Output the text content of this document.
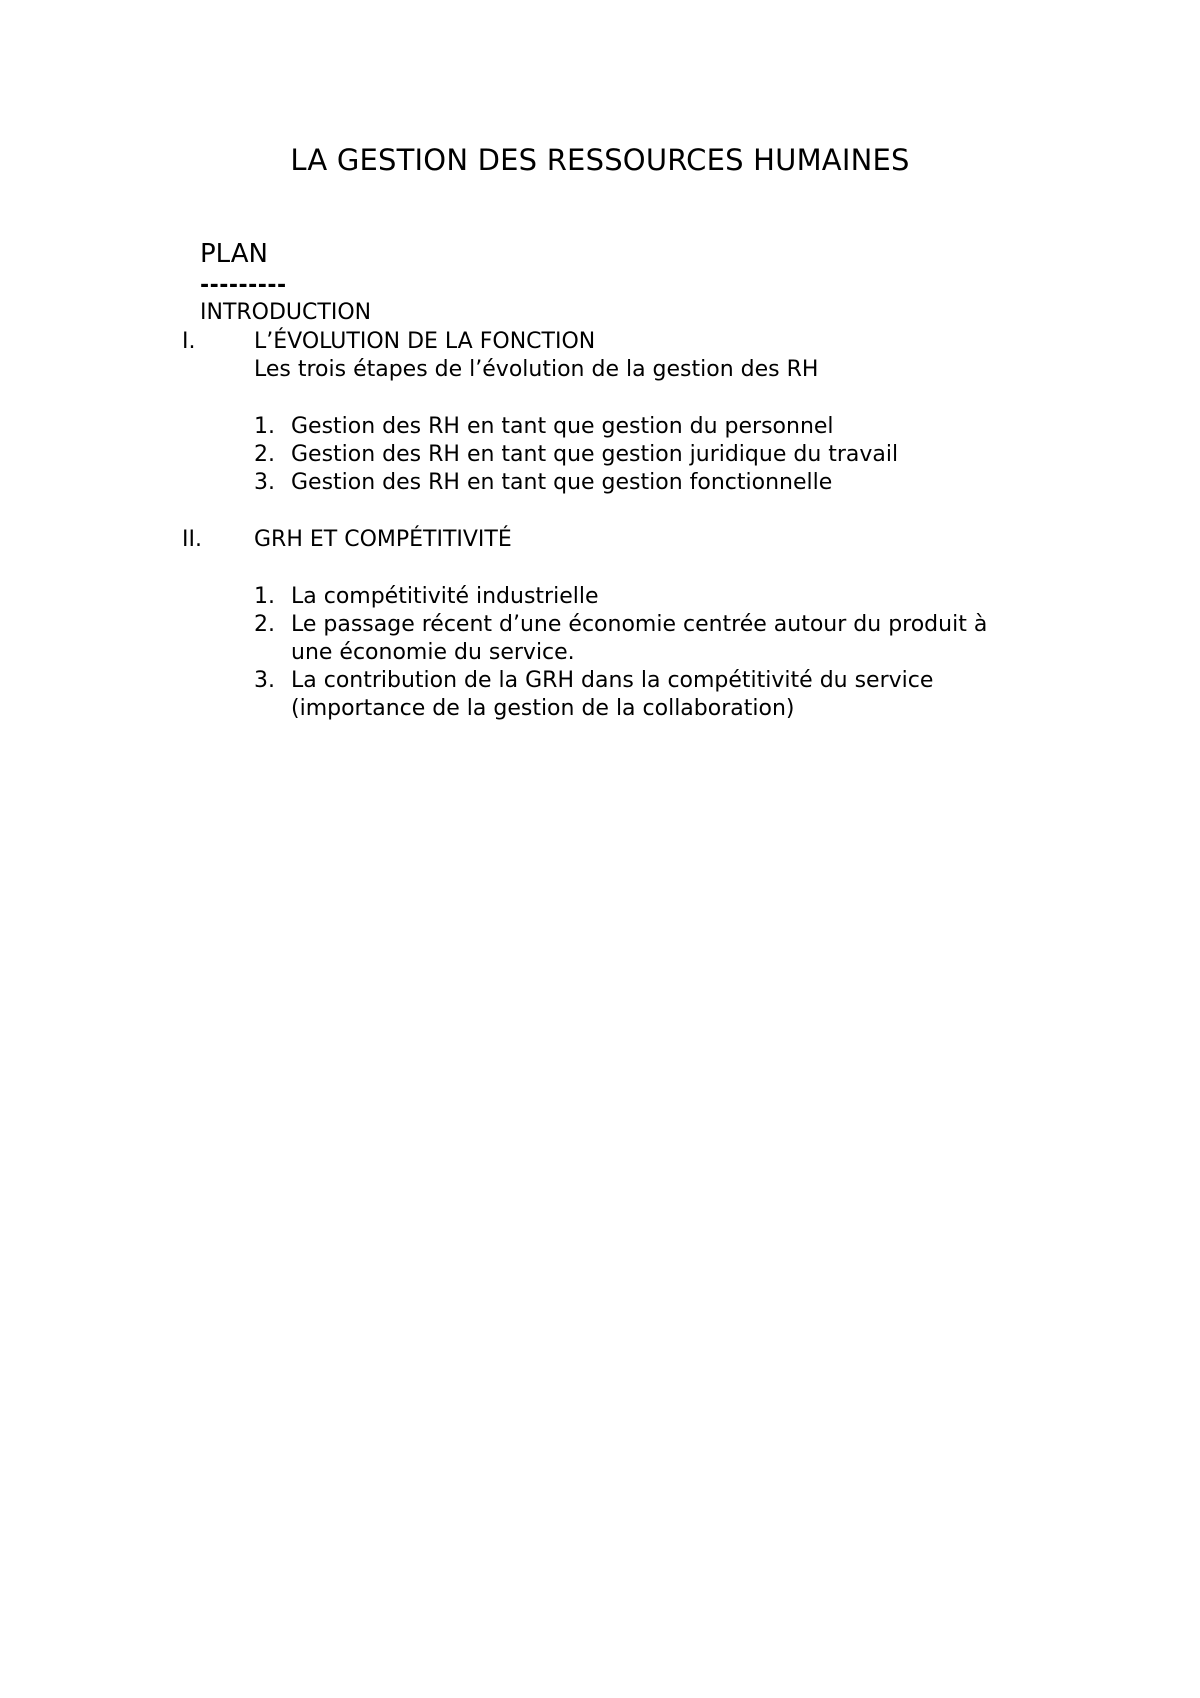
LA GESTION DES RESSOURCES HUMAINES
PLAN
---------
INTRODUCTION
I.	L’ÉVOLUTION DE LA FONCTION
Les trois étapes de l’évolution de la gestion des RH
1. Gestion des RH en tant que gestion du personnel
2. Gestion des RH en tant que gestion juridique du travail
3. Gestion des RH en tant que gestion fonctionnelle
II. GRH ET COMPÉTITIVITÉ
1. La compétitivité industrielle
2. Le passage récent d’une économie centrée autour du produit à
une économie du service.
3. La contribution de la GRH dans la compétitivité du service
(importance de la gestion de la collaboration)
